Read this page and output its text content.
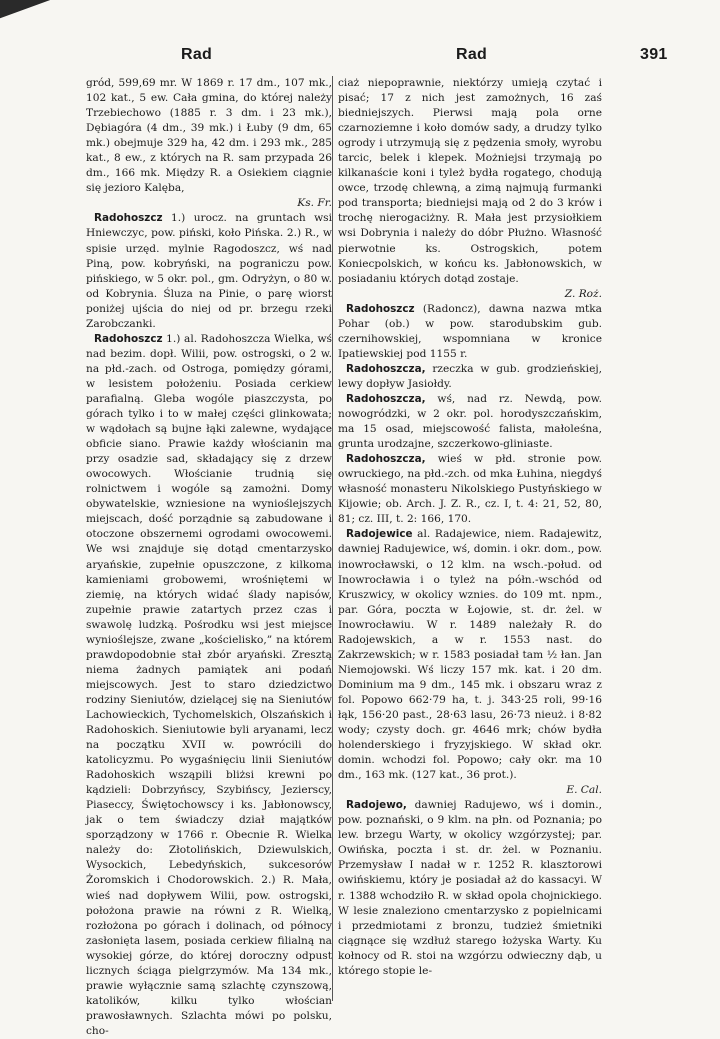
Rad	Rad	391

gród, 599,69 mr. W 1869 r. 17 dm., 107 mk., 102 kat., 5 ew. Cała gmina, do której należy Trzebiechowo (1885 r. 3 dm. i 23 mk.), Dębiagóra (4 dm., 39 mk.) i Łuby (9 dm, 65 mk.) obejmuje 329 ha, 42 dm. i 293 mk., 285 kat., 8 ew., z których na R. sam przypada 26 dm., 166 mk. Między R. a Osiekiem ciągnie się jezioro Kalęba,

Ks. Fr.

Radohoszcz 1.) urocz. na gruntach wsi Hniewczyc, pow. piński, koło Pińska. 2.) R., w spisie urzęd. mylnie Ragodoszcz, wś nad Piną, pow. kobryński, na pograniczu pow. pińskiego, w 5 okr. pol., gm. Odryżyn, o 80 w. od Kobrynia. Śluza na Pinie, o parę wiorst poniżej ujścia do niej od pr. brzegu rzeki Zarobczanki.

Radohoszcz 1.) al. Radohoszcza Wielka, wś nad bezim. dopł. Wilii, pow. ostrogski, o 2 w. na płd.-zach. od Ostroga, pomiędzy górami, w lesistem położeniu. Posiada cerkiew parafialną. Gleba wogóle piaszczysta, po górach tylko i to w małej części glinkowata; w wądołach są bujne łąki zalewne, wydające obficie siano. Prawie każdy włościanin ma przy osadzie sad, składający się z drzew owocowych. Włościanie trudnią się rolnictwem i wogóle są zamożni. Domy obywatelskie, wzniesione na wynioślejszych miejscach, dość porządnie są zabudowane i otoczone obszernemi ogrodami owocowemi. We wsi znajduje się dotąd cmentarzysko aryańskie, zupełnie opuszczone, z kilkoma kamieniami grobowemi, wrośniętemi w ziemię, na których widać ślady napisów, zupełnie prawie zatartych przez czas i swawolę ludzką. Pośrodku wsi jest miejsce wynioślejsze, zwane „kościelisko,” na którem prawdopodobnie stał zbór aryański. Zresztą niema żadnych pamiątek ani podań miejscowych. Jest to staro dziedzictwo rodziny Sieniutów, dzielącej się na Sieniutów Lachowieckich, Tychomelskich, Olszańskich i Radohoskich. Sieniutowie byli aryanami, lecz na początku XVII w. powrócili do katolicyzmu. Po wygaśnięciu linii Sieniutów Radohoskich wsząpili bliżsi krewni po kądzieli: Dobrzyńscy, Szybińscy, Jezierscy, Piaseccy, Świętochowscy i ks. Jabłonowscy, jak o tem świadczy dział majątków sporządzony w 1766 r. Obecnie R. Wielka należy do: Złotolińskich, Dziewulskich, Wysockich, Lebedyńskich, sukcesorów Żoromskich i Chodorowskich. 2.) R. Mała, wieś nad dopływem Wilii, pow. ostrogski, położona prawie na równi z R. Wielką, rozłożona po górach i dolinach, od północy zasłonięta lasem, posiada cerkiew filialną na wysokiej górze, do której doroczny odpust licznych ściąga pielgrzymów. Ma 134 mk., prawie wyłącznie samą szlachtę czynszową, katolików, kilku tylko włościan prawosławnych. Szlachta mówi po polsku, cho-

ciaż niepoprawnie, niektórzy umieją czytać i pisać; 17 z nich jest zamożnych, 16 zaś biedniejszych. Pierwsi mają pola orne czarnoziemne i koło domów sady, a drudzy tylko ogrody i utrzymują się z pędzenia smoły, wyrobu tarcic, belek i klepek. Możniejsi trzymają po kilkanaście koni i tyleż bydła rogatego, chodują owce, trzodę chlewną, a zimą najmują furmanki pod transporta; biedniejsi mają od 2 do 3 krów i trochę nierogaciżny. R. Mała jest przysiołkiem wsi Dobrynia i należy do dóbr Płużno. Własność pierwotnie ks. Ostrogskich, potem Koniecpolskich, w końcu ks. Jabłonowskich, w posiadaniu których dotąd zostaje.

Z. Roż.

Radohoszcz (Radoncz), dawna nazwa mtka Pohar (ob.) w pow. starodubskim gub. czernihowskiej, wspomniana w kronice Ipatiewskiej pod 1155 r.

Radohoszcza, rzeczka w gub. grodzieńskiej, lewy dopływ Jasiołdy.

Radohoszcza, wś, nad rz. Newdą, pow. nowogródzki, w 2 okr. pol. horodyszczańskim, ma 15 osad, miejscowość falista, małoleśna, grunta urodzajne, szczerkowo-gliniaste.

Radohoszcza, wieś w płd. stronie pow. owruckiego, na płd.-zch. od mka Łuhina, niegdyś własność monasteru Nikolskiego Pustyńskiego w Kijowie; ob. Arch. J. Z. R., cz. I, t. 4: 21, 52, 80, 81; cz. III, t. 2: 166, 170.

Radojewice al. Radajewice, niem. Radajewitz, dawniej Radujewice, wś, domin. i okr. dom., pow. inowrocławski, o 12 klm. na wsch.-połud. od Inowrocławia i o tyleż na półn.-wschód od Kruszwicy, w okolicy wznies. do 109 mt. npm., par. Góra, poczta w Łojowie, st. dr. żel. w Inowrocławiu. W r. 1489 należały R. do Radojewskich, a w r. 1553 nast. do Zakrzewskich; w r. 1583 posiadał tam ½ łan. Jan Niemojowski. Wś liczy 157 mk. kat. i 20 dm. Dominium ma 9 dm., 145 mk. i obszaru wraz z fol. Popowo 662·79 ha, t. j. 343·25 roli, 99·16 łąk, 156·20 past., 28·63 lasu, 26·73 nieuż. i 8·82 wody; czysty doch. gr. 4646 mrk; chów bydła holenderskiego i fryzyjskiego. W skład okr. domin. wchodzi fol. Popowo; cały okr. ma 10 dm., 163 mk. (127 kat., 36 prot.).

E. Cal.

Radojewo, dawniej Radujewo, wś i domin., pow. poznański, o 9 klm. na płn. od Poznania; po lew. brzegu Warty, w okolicy wzgórzystej; par. Owińska, poczta i st. dr. żel. w Poznaniu. Przemysław I nadał w r. 1252 R. klasztorowi owińskiemu, który je posiadał aż do kassacyi. W r. 1388 wchodziło R. w skład opola chojnickiego. W lesie znaleziono cmentarzysko z popielnicami i przedmiotami z bronzu, tudzież śmietniki ciągnące się wzdłuż starego łożyska Warty. Ku kołnocy od R. stoi na wzgórzu odwieczny dąb, u którego stopie le-
